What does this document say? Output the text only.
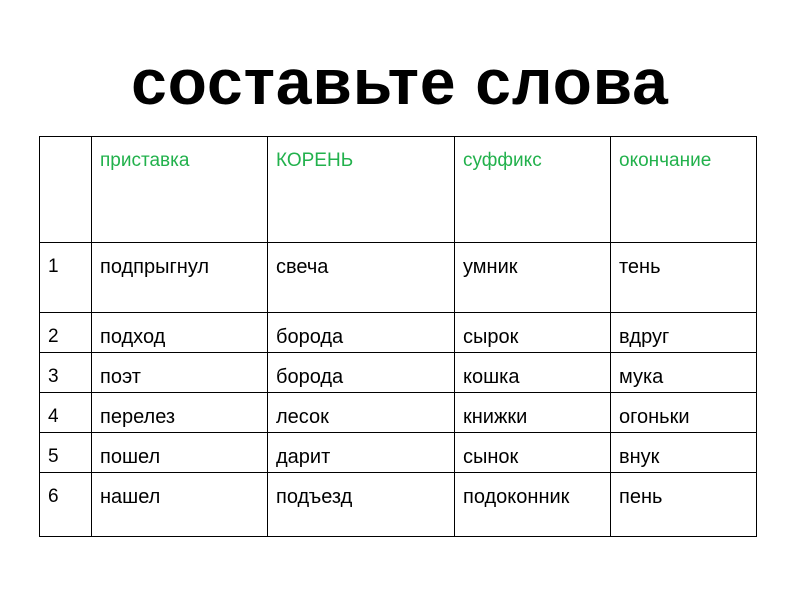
составьте слова
	приставка	КОРЕНЬ	суффикс	окончание
1	подпрыгнул	свеча	умник	тень
2	подход	борода	сырок	вдруг
3	поэт	борода	кошка	мука
4	перелез	лесок	книжки	огоньки
5	пошел	дарит	сынок	внук
6	нашел	подъезд	подоконник	пень
